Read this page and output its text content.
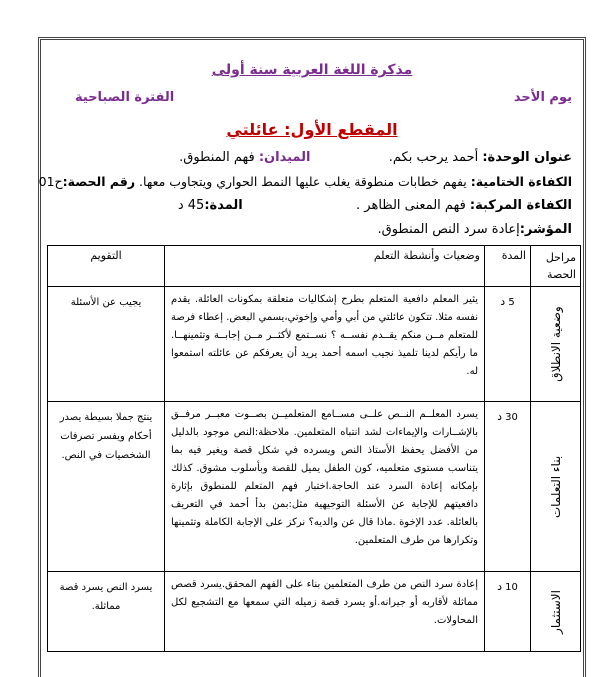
مذكرة اللغة العربية سنة أولى
يوم الأحد
الفترة الصباحية
المقطع الأول: عائلتي
عنوان الوحدة: أحمد يرحب بكم.  الميدان: فهم المنطوق.
الكفاءة الختامية: يفهم خطابات منطوقة يغلب عليها النمط الحواري ويتجاوب معها. رقم الحصة:ح01
الكفاءة المركبة: فهم المعنى الظاهر .  المدة:45 د
المؤشر:إعادة سرد النص المنطوق.
مراحل الحصة	المدة	وضعيات وأنشطة التعلم	التقويم

وضعية الانطلاق	5 د	يثير المعلم دافعية المتعلم بطرح إشكاليات متعلقة بمكونات العائلة. يقدم نفسه مثلا. تتكون عائلتي من أبي وأمي وإخوتي،يسمي البعض. إعطاء فرصة للمتعلم مــن منكم يقــدم نفســه ؟ نســتمع لأكثــر مــن إجابــة وتثمينهــا. ما رأيكم لدينا تلميذ نجيب اسمه أحمد يريد أن يعرفكم عن عائلته استمعوا له.	يجيب عن الأسئلة

بناء التعلمات	30 د	يسرد المعلــم النــص علــى مســامع المتعلميــن بصــوت معبــر مرفــق بالإشــارات والإيماءات لشد انتباه المتعلمين. ملاحظة:النص موجود بالدليل من الأفضل يحفظ الأستاذ النص ويسرده في شكل قصة ويغير فيه بما يتناسب مستوى متعلميه، كون الطفل يميل للقصة وبأسلوب مشوق. كذلك بإمكانه إعادة السرد عند الحاجة.اختبار فهم المتعلم للمنطوق بإثارة دافعيتهم للإجابة عن الأسئلة التوجيهية مثل:بمن بدأ أحمد في التعريف بالعائلة. عدد الإخوة .ماذا قال عن والديه؟ نركز على الإجابة الكاملة وتثمينها وتكرارها من طرف المتعلمين.	ينتج جملا بسيطة يصدر أحكام ويفسر تصرفات الشخصيات في النص.

الاستثمار	10 د	إعادة سرد النص من طرف المتعلمين بناء على الفهم المحقق.يسرد قصص مماثلة لأقاربه أو جيرانه.أو يسرد قصة زميله التي سمعها مع التشجيع لكل المحاولات.	يسرد النص يسرد قصة مماثلة.
